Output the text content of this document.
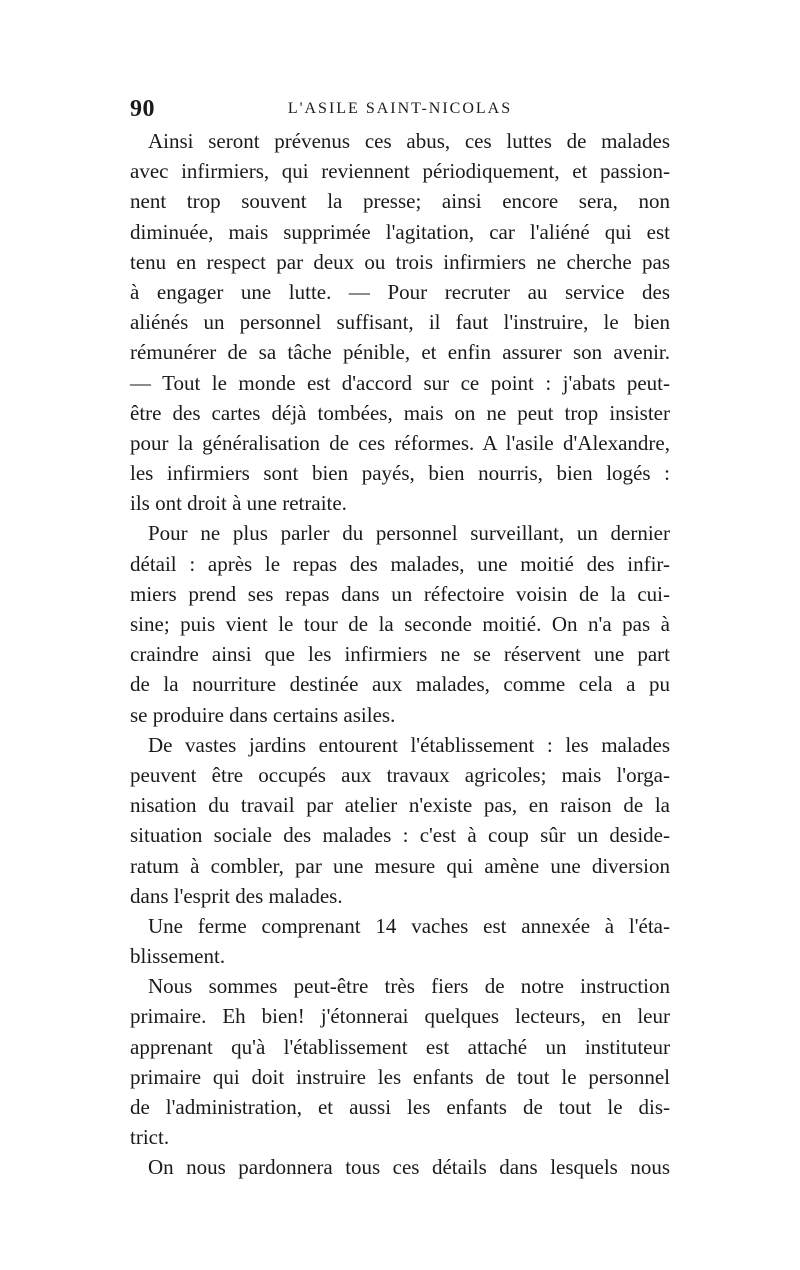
90	L'ASILE SAINT-NICOLAS
Ainsi seront prévenus ces abus, ces luttes de malades
avec infirmiers, qui reviennent périodiquement, et passion-
nent trop souvent la presse; ainsi encore sera, non
diminuée, mais supprimée l'agitation, car l'aliéné qui est
tenu en respect par deux ou trois infirmiers ne cherche pas
à engager une lutte. — Pour recruter au service des
aliénés un personnel suffisant, il faut l'instruire, le bien
rémunérer de sa tâche pénible, et enfin assurer son avenir.
— Tout le monde est d'accord sur ce point : j'abats peut-
être des cartes déjà tombées, mais on ne peut trop insister
pour la généralisation de ces réformes. A l'asile d'Alexandre,
les infirmiers sont bien payés, bien nourris, bien logés :
ils ont droit à une retraite.
Pour ne plus parler du personnel surveillant, un dernier
détail : après le repas des malades, une moitié des infir-
miers prend ses repas dans un réfectoire voisin de la cui-
sine; puis vient le tour de la seconde moitié. On n'a pas à
craindre ainsi que les infirmiers ne se réservent une part
de la nourriture destinée aux malades, comme cela a pu
se produire dans certains asiles.
De vastes jardins entourent l'établissement : les malades
peuvent être occupés aux travaux agricoles; mais l'orga-
nisation du travail par atelier n'existe pas, en raison de la
situation sociale des malades : c'est à coup sûr un deside-
ratum à combler, par une mesure qui amène une diversion
dans l'esprit des malades.
Une ferme comprenant 14 vaches est annexée à l'éta-
blissement.
Nous sommes peut-être très fiers de notre instruction
primaire. Eh bien! j'étonnerai quelques lecteurs, en leur
apprenant qu'à l'établissement est attaché un instituteur
primaire qui doit instruire les enfants de tout le personnel
de l'administration, et aussi les enfants de tout le dis-
trict.
On nous pardonnera tous ces détails dans lesquels nous
